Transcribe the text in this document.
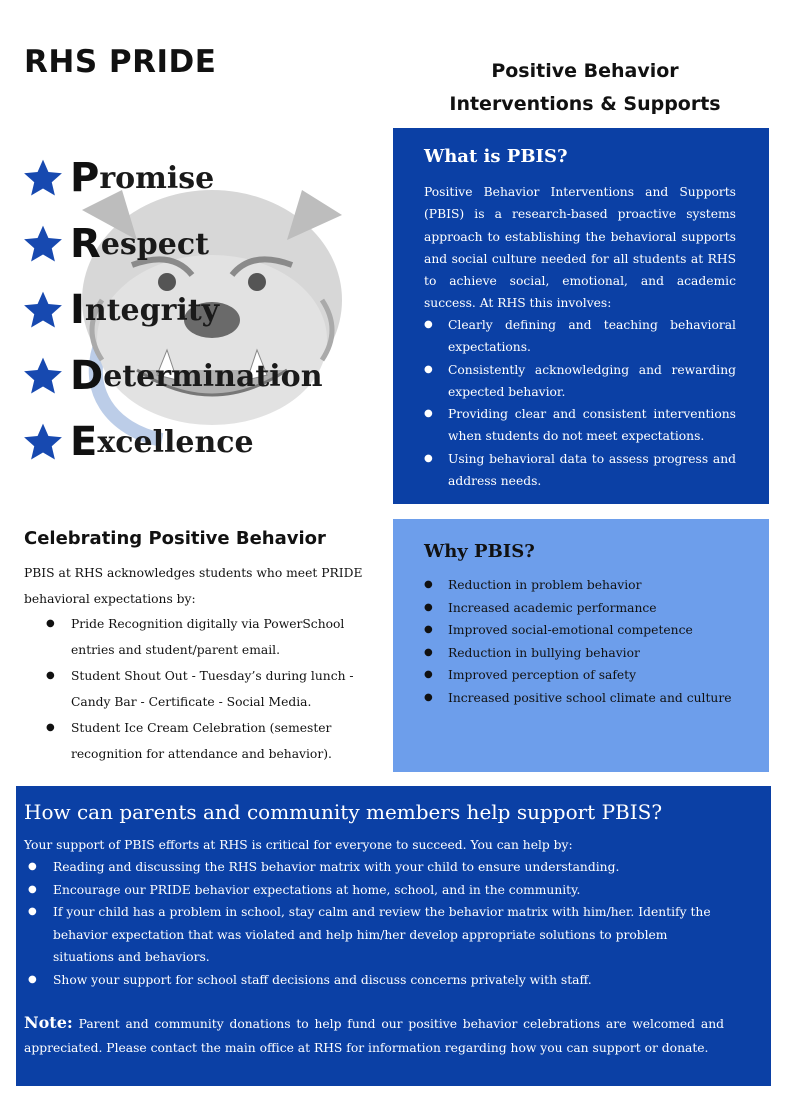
RHS PRIDE	Positive Behavior
Interventions & Supports
P romise
R espect
I ntegrity
D etermination
E xcellence
What is PBIS?

Positive Behavior Interventions and Supports (PBIS) is a research-based proactive systems approach to establishing the behavioral supports and social culture needed for all students at RHS to achieve social, emotional, and academic success. At RHS this involves:

● Clearly defining and teaching behavioral expectations.
● Consistently acknowledging and rewarding expected behavior.
● Providing clear and consistent interventions when students do not meet expectations.
● Using behavioral data to assess progress and address needs.
Celebrating Positive Behavior

PBIS at RHS acknowledges students who meet PRIDE behavioral expectations by:

● Pride Recognition digitally via PowerSchool entries and student/parent email.
● Student Shout Out - Tuesday’s during lunch - Candy Bar - Certificate - Social Media.
● Student Ice Cream Celebration (semester recognition for attendance and behavior).
Why PBIS?
● Reduction in problem behavior
● Increased academic performance
● Improved social-emotional competence
● Reduction in bullying behavior
● Improved perception of safety
● Increased positive school climate and culture
How can parents and community members help support PBIS?

Your support of PBIS efforts at RHS is critical for everyone to succeed. You can help by:

● Reading and discussing the RHS behavior matrix with your child to ensure understanding.
● Encourage our PRIDE behavior expectations at home, school, and in the community.
● If your child has a problem in school, stay calm and review the behavior matrix with him/her. Identify the behavior expectation that was violated and help him/her develop appropriate solutions to problem situations and behaviors.
● Show your support for school staff decisions and discuss concerns privately with staff.

Note: Parent and community donations to help fund our positive behavior celebrations are welcomed and appreciated. Please contact the main office at RHS for information regarding how you can support or donate.
